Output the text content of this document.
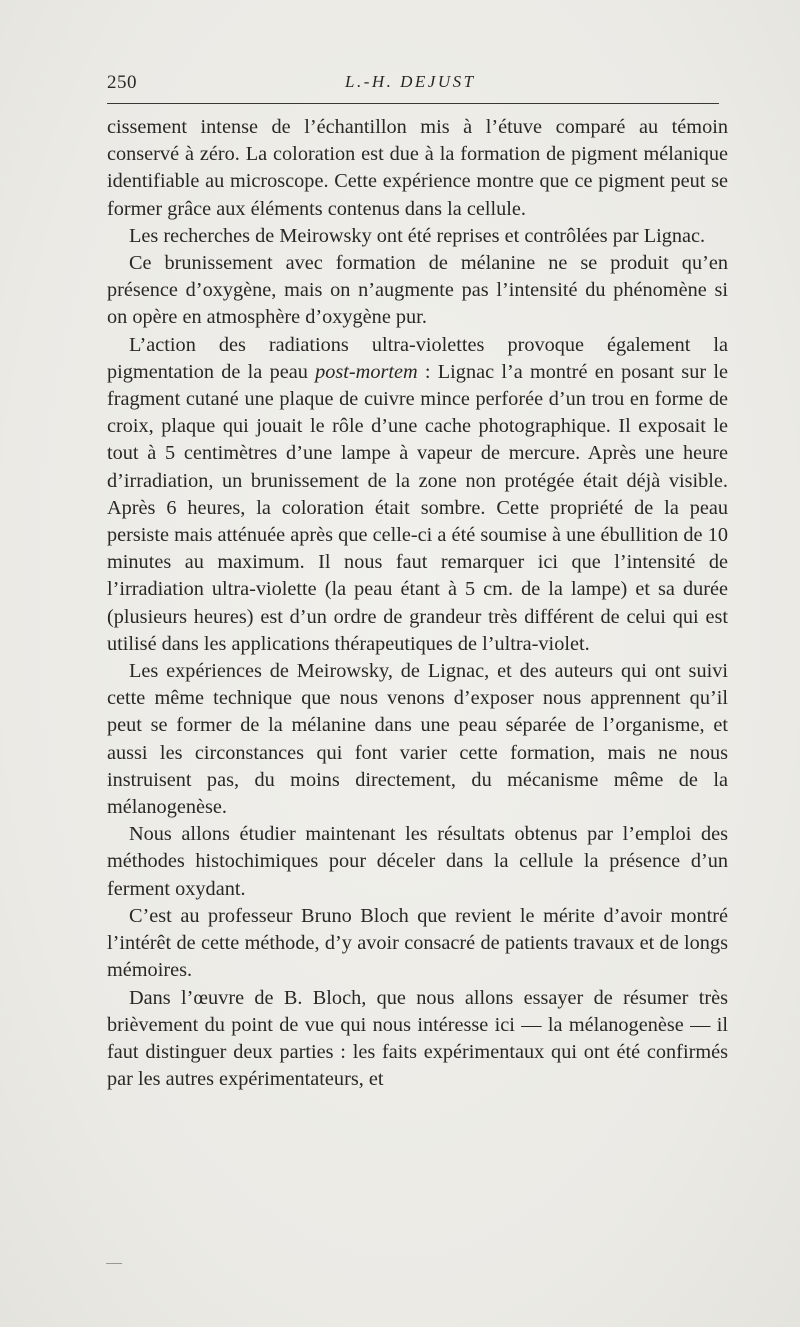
250	L.-H. DEJUST

cissement intense de l’échantillon mis à l’étuve comparé au témoin conservé à zéro. La coloration est due à la formation de pigment mélanique identifiable au microscope. Cette expérience montre que ce pigment peut se former grâce aux éléments contenus dans la cellule.

Les recherches de Meirowsky ont été reprises et contrôlées par Lignac.

Ce brunissement avec formation de mélanine ne se produit qu’en présence d’oxygène, mais on n’augmente pas l’intensité du phénomène si on opère en atmosphère d’oxygène pur.

L’action des radiations ultra-violettes provoque également la pigmentation de la peau post-mortem : Lignac l’a montré en posant sur le fragment cutané une plaque de cuivre mince perforée d’un trou en forme de croix, plaque qui jouait le rôle d’une cache photographique. Il exposait le tout à 5 centimètres d’une lampe à vapeur de mercure. Après une heure d’irradiation, un brunissement de la zone non protégée était déjà visible. Après 6 heures, la coloration était sombre. Cette propriété de la peau persiste mais atténuée après que celle-ci a été soumise à une ébullition de 10 minutes au maximum. Il nous faut remarquer ici que l’intensité de l’irradiation ultra-violette (la peau étant à 5 cm. de la lampe) et sa durée (plusieurs heures) est d’un ordre de grandeur très différent de celui qui est utilisé dans les applications thérapeutiques de l’ultra-violet.

Les expériences de Meirowsky, de Lignac, et des auteurs qui ont suivi cette même technique que nous venons d’exposer nous apprennent qu’il peut se former de la mélanine dans une peau séparée de l’organisme, et aussi les circonstances qui font varier cette formation, mais ne nous instruisent pas, du moins directement, du mécanisme même de la mélanogenèse.

Nous allons étudier maintenant les résultats obtenus par l’emploi des méthodes histochimiques pour déceler dans la cellule la présence d’un ferment oxydant.

C’est au professeur Bruno Bloch que revient le mérite d’avoir montré l’intérêt de cette méthode, d’y avoir consacré de patients travaux et de longs mémoires.

Dans l’œuvre de B. Bloch, que nous allons essayer de résumer très brièvement du point de vue qui nous intéresse ici — la mélanogenèse — il faut distinguer deux parties : les faits expérimentaux qui ont été confirmés par les autres expérimentateurs, et
